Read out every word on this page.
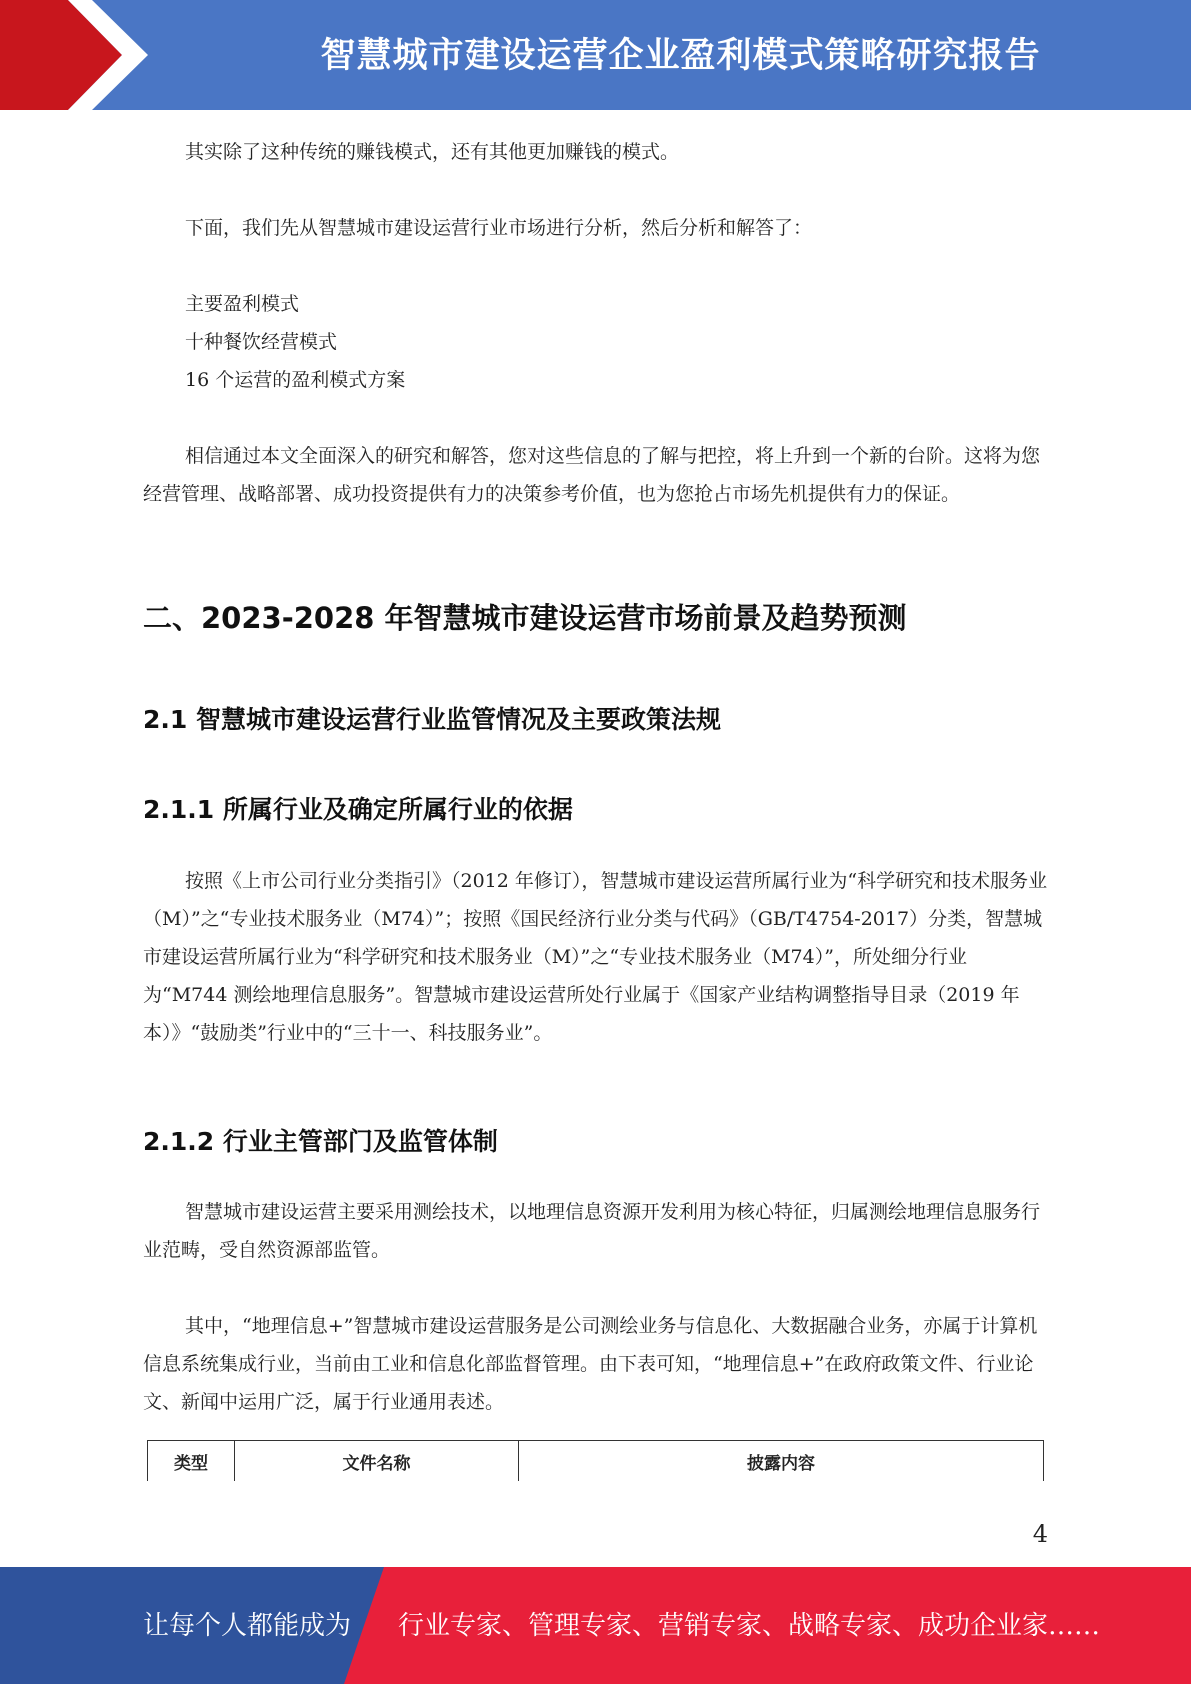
智慧城市建设运营企业盈利模式策略研究报告

其实除了这种传统的赚钱模式，还有其他更加赚钱的模式。

下面，我们先从智慧城市建设运营行业市场进行分析，然后分析和解答了：

主要盈利模式
十种餐饮经营模式
16 个运营的盈利模式方案

相信通过本文全面深入的研究和解答，您对这些信息的了解与把控，将上升到一个新的台阶。这将为您经营管理、战略部署、成功投资提供有力的决策参考价值，也为您抢占市场先机提供有力的保证。

二、2023-2028 年智慧城市建设运营市场前景及趋势预测
2.1 智慧城市建设运营行业监管情况及主要政策法规
2.1.1 所属行业及确定所属行业的依据

按照《上市公司行业分类指引》（2012 年修订），智慧城市建设运营所属行业为“科学研究和技术服务业（M）”之“专业技术服务业（M74）”；按照《国民经济行业分类与代码》（GB/T4754-2017）分类，智慧城市建设运营所属行业为“科学研究和技术服务业（M）”之“专业技术服务业（M74）”，所处细分行业为“M744 测绘地理信息服务”。智慧城市建设运营所处行业属于《国家产业结构调整指导目录（2019 年本）》“鼓励类”行业中的“三十一、科技服务业”。

2.1.2 行业主管部门及监管体制

智慧城市建设运营主要采用测绘技术，以地理信息资源开发利用为核心特征，归属测绘地理信息服务行业范畴，受自然资源部监管。

其中，“地理信息+”智慧城市建设运营服务是公司测绘业务与信息化、大数据融合业务，亦属于计算机信息系统集成行业，当前由工业和信息化部监督管理。由下表可知，“地理信息+”在政府政策文件、行业论文、新闻中运用广泛，属于行业通用表述。

类型	文件名称	披露内容
4
让每个人都能成为 行业专家、管理专家、营销专家、战略专家、成功企业家……
